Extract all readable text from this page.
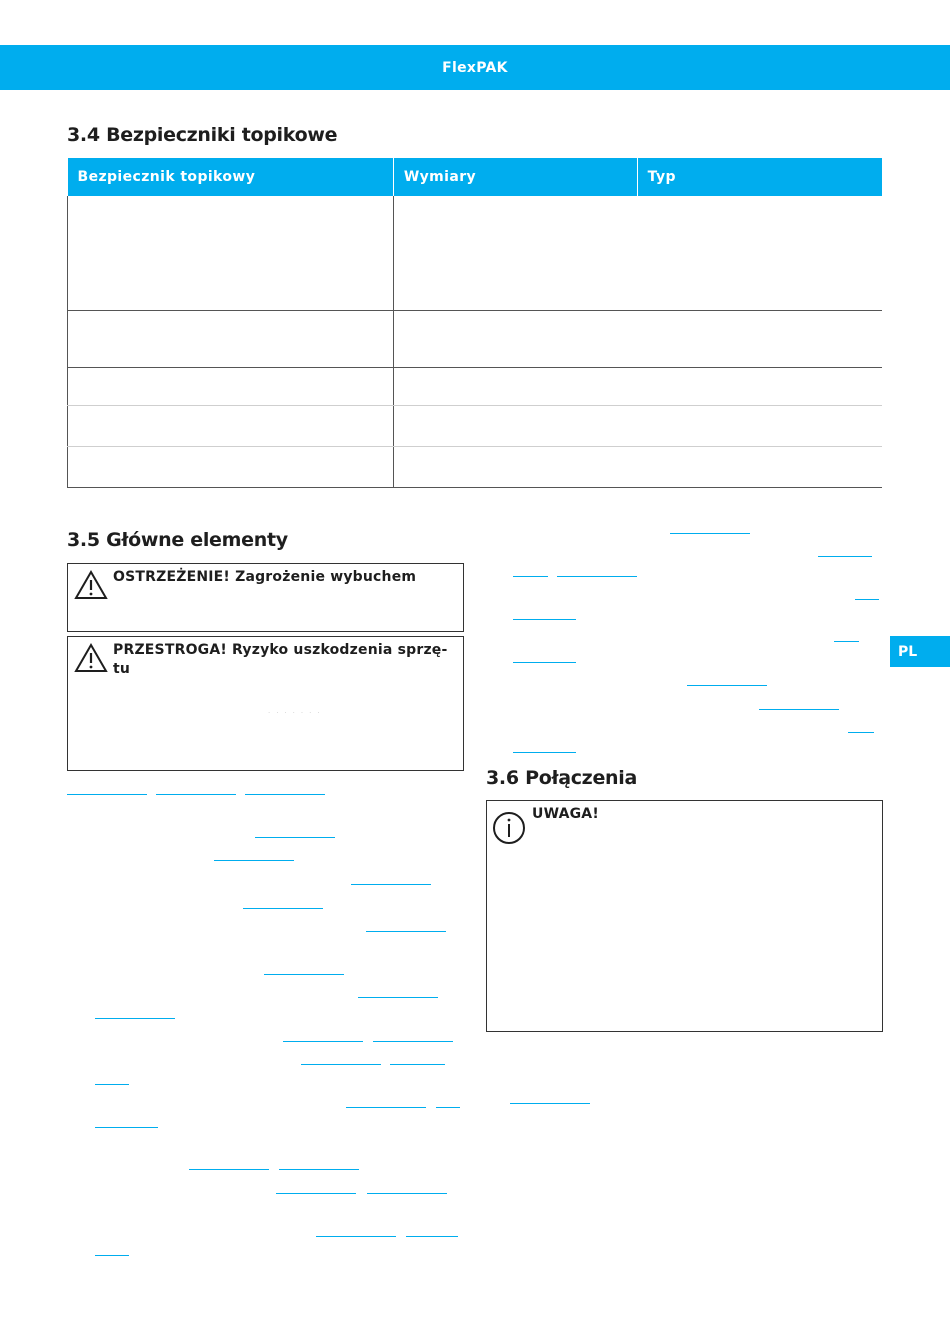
FlexPAK
PL
3.4 Bezpieczniki topikowe
Bezpiecznik topikowy	Wymiary	Typ

3.5 Główne elementy
OSTRZEŻENIE! Zagrożenie wybuchem
PRZESTROGA! Ryzyko uszkodzenia sprzę-
tu
·······
3.6 Połączenia
UWAGA!
